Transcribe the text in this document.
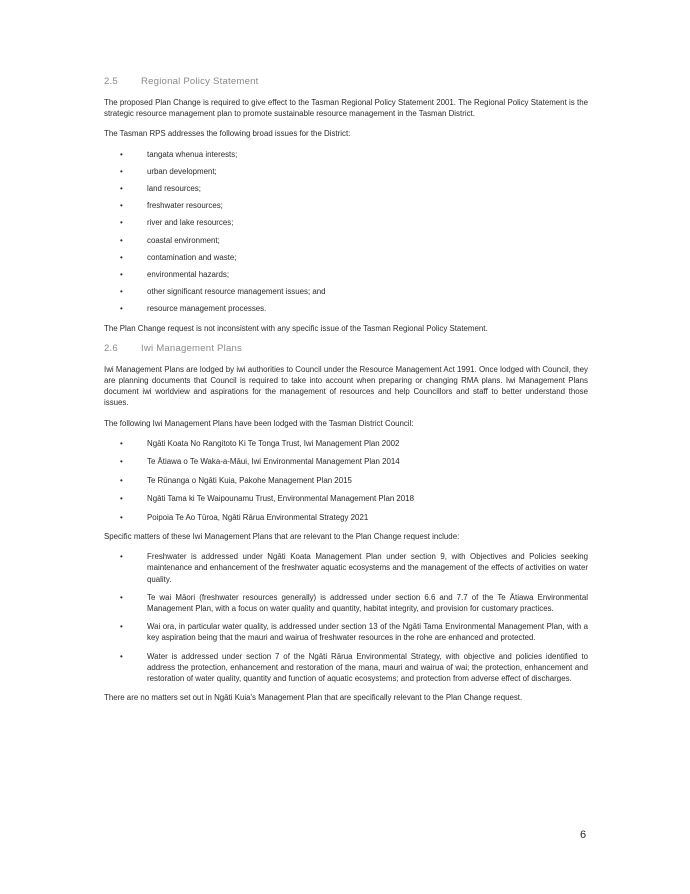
2.5 Regional Policy Statement

The proposed Plan Change is required to give effect to the Tasman Regional Policy Statement 2001. The Regional Policy Statement is the strategic resource management plan to promote sustainable resource management in the Tasman District.

The Tasman RPS addresses the following broad issues for the District:

•	tangata whenua interests;
•	urban development;
•	land resources;
•	freshwater resources;
•	river and lake resources;
•	coastal environment;
•	contamination and waste;
•	environmental hazards;
•	other significant resource management issues; and
•	resource management processes.

The Plan Change request is not inconsistent with any specific issue of the Tasman Regional Policy Statement.

2.6 Iwi Management Plans

Iwi Management Plans are lodged by iwi authorities to Council under the Resource Management Act 1991. Once lodged with Council, they are planning documents that Council is required to take into account when preparing or changing RMA plans. Iwi Management Plans document iwi worldview and aspirations for the management of resources and help Councillors and staff to better understand those issues.

The following Iwi Management Plans have been lodged with the Tasman District Council:

•	Ngāti Koata No Rangitoto Ki Te Tonga Trust, Iwi Management Plan 2002
•	Te Ātiawa o Te Waka-a-Māui, Iwi Environmental Management Plan 2014
•	Te Rūnanga o Ngāti Kuia, Pakohe Management Plan 2015
•	Ngāti Tama ki Te Waipounamu Trust, Environmental Management Plan 2018
•	Poipoia Te Ao Tūroa, Ngāti Rārua Environmental Strategy 2021

Specific matters of these Iwi Management Plans that are relevant to the Plan Change request include:

•	Freshwater is addressed under Ngāti Koata Management Plan under section 9, with Objectives and Policies seeking maintenance and enhancement of the freshwater aquatic ecosystems and the management of the effects of activities on water quality.
•	Te wai Māori (freshwater resources generally) is addressed under section 6.6 and 7.7 of the Te Ātiawa Environmental Management Plan, with a focus on water quality and quantity, habitat integrity, and provision for customary practices.
•	Wai ora, in particular water quality, is addressed under section 13 of the Ngāti Tama Environmental Management Plan, with a key aspiration being that the mauri and wairua of freshwater resources in the rohe are enhanced and protected.
•	Water is addressed under section 7 of the Ngāti Rārua Environmental Strategy, with objective and policies identified to address the protection, enhancement and restoration of the mana, mauri and wairua of wai; the protection, enhancement and restoration of water quality, quantity and function of aquatic ecosystems; and protection from adverse effect of discharges.

There are no matters set out in Ngāti Kuia's Management Plan that are specifically relevant to the Plan Change request.

6
